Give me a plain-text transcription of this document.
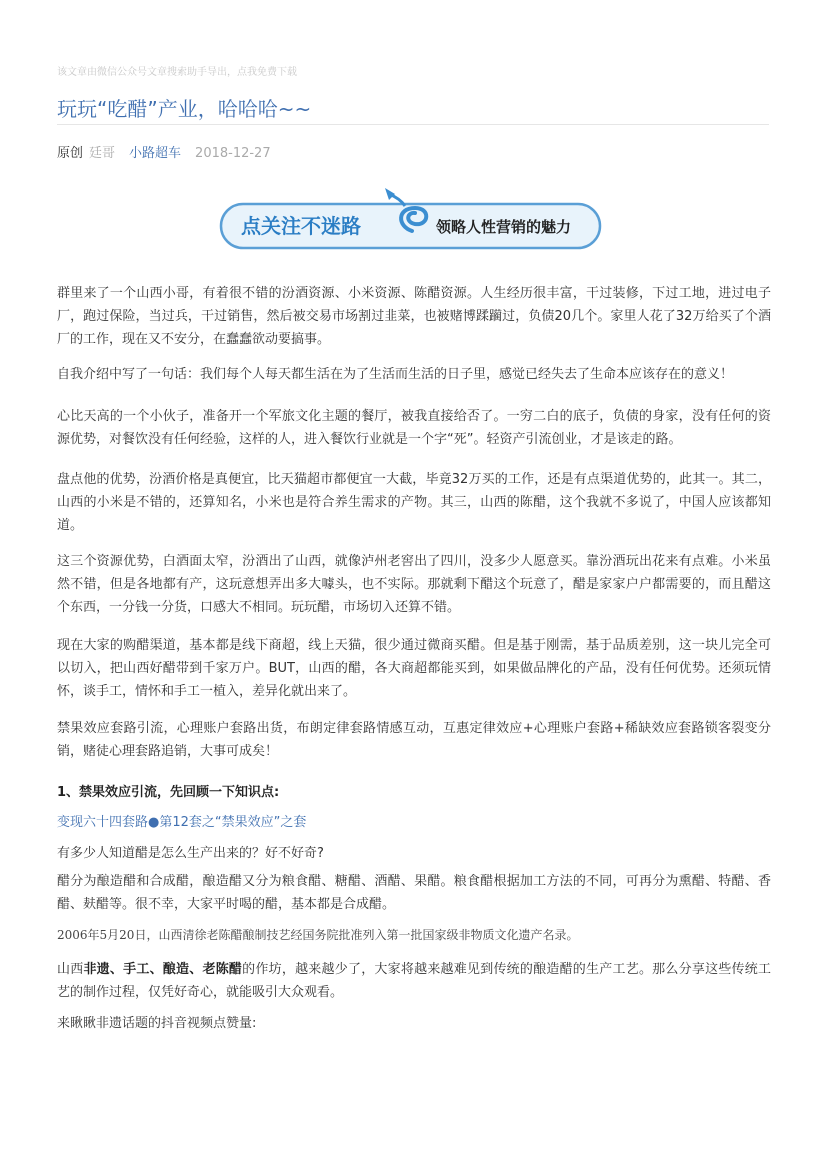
该文章由微信公众号文章搜索助手导出，点我免费下载
玩玩“吃醋”产业，哈哈哈~~
原创 廷哥 小路超车 2018-12-27
点关注不迷路	领略人性营销的魅力

群里来了一个山西小哥，有着很不错的汾酒资源、小米资源、陈醋资源。人生经历很丰富，干过装修，下过工地，进过电子厂，跑过保险，当过兵，干过销售，然后被交易市场割过韭菜，也被赌博蹂躏过，负债20几个。家里人花了32万给买了个酒厂的工作，现在又不安分，在蠢蠢欲动要搞事。

自我介绍中写了一句话：我们每个人每天都生活在为了生活而生活的日子里，感觉已经失去了生命本应该存在的意义！

心比天高的一个小伙子，准备开一个军旅文化主题的餐厅，被我直接给否了。一穷二白的底子，负债的身家，没有任何的资源优势，对餐饮没有任何经验，这样的人，进入餐饮行业就是一个字“死”。轻资产引流创业，才是该走的路。

盘点他的优势，汾酒价格是真便宜，比天猫超市都便宜一大截，毕竟32万买的工作，还是有点渠道优势的，此其一。其二，山西的小米是不错的，还算知名，小米也是符合养生需求的产物。其三，山西的陈醋，这个我就不多说了，中国人应该都知道。

这三个资源优势，白酒面太窄，汾酒出了山西，就像泸州老窖出了四川，没多少人愿意买。靠汾酒玩出花来有点难。小米虽然不错，但是各地都有产，这玩意想弄出多大噱头，也不实际。那就剩下醋这个玩意了，醋是家家户户都需要的，而且醋这个东西，一分钱一分货，口感大不相同。玩玩醋，市场切入还算不错。

现在大家的购醋渠道，基本都是线下商超，线上天猫，很少通过微商买醋。但是基于刚需，基于品质差别，这一块儿完全可以切入，把山西好醋带到千家万户。BUT，山西的醋，各大商超都能买到，如果做品牌化的产品，没有任何优势。还须玩情怀，谈手工，情怀和手工一植入，差异化就出来了。

禁果效应套路引流，心理账户套路出货，布朗定律套路情感互动，互惠定律效应+心理账户套路+稀缺效应套路锁客裂变分销，赌徒心理套路追销，大事可成矣！

1、禁果效应引流，先回顾一下知识点:
变现六十四套路●第12套之“禁果效应”之套
有多少人知道醋是怎么生产出来的？好不好奇?

醋分为酿造醋和合成醋，酿造醋又分为粮食醋、糖醋、酒醋、果醋。粮食醋根据加工方法的不同，可再分为熏醋、特醋、香醋、麸醋等。很不幸，大家平时喝的醋，基本都是合成醋。

2006年5月20日，山西清徐老陈醋酿制技艺经国务院批准列入第一批国家级非物质文化遗产名录。

山西非遗、手工、酿造、老陈醋的作坊，越来越少了，大家将越来越难见到传统的酿造醋的生产工艺。那么分享这些传统工艺的制作过程，仅凭好奇心，就能吸引大众观看。

来瞅瞅非遗话题的抖音视频点赞量:
